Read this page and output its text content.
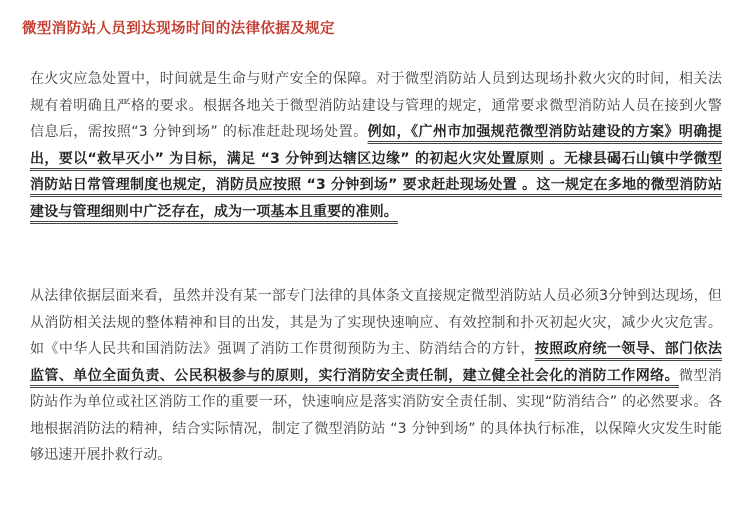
微型消防站人员到达现场时间的法律依据及规定
在火灾应急处置中，时间就是生命与财产安全的保障。对于微型消防站人员到达现场扑救火灾的时间，相关法规有着明确且严格的要求。根据各地关于微型消防站建设与管理的规定，通常要求微型消防站人员在接到火警信息后，需按照“3 分钟到场” 的标准赶赴现场处置。例如，《广州市加强规范微型消防站建设的方案》明确提出，要以“救早灭小” 为目标，满足 “3 分钟到达辖区边缘” 的初起火灾处置原则 。无棣县碣石山镇中学微型消防站日常管理制度也规定，消防员应按照 “3 分钟到场” 要求赶赴现场处置 。这一规定在多地的微型消防站建设与管理细则中广泛存在，成为一项基本且重要的准则。
从法律依据层面来看，虽然并没有某一部专门法律的具体条文直接规定微型消防站人员必须3分钟到达现场，但从消防相关法规的整体精神和目的出发，其是为了实现快速响应、有效控制和扑灭初起火灾，减少火灾危害。如《中华人民共和国消防法》强调了消防工作贯彻预防为主、防消结合的方针，按照政府统一领导、部门依法监管、单位全面负责、公民积极参与的原则，实行消防安全责任制，建立健全社会化的消防工作网络。微型消防站作为单位或社区消防工作的重要一环，快速响应是落实消防安全责任制、实现“防消结合” 的必然要求。各地根据消防法的精神，结合实际情况，制定了微型消防站 “3 分钟到场” 的具体执行标准，以保障火灾发生时能够迅速开展扑救行动。
